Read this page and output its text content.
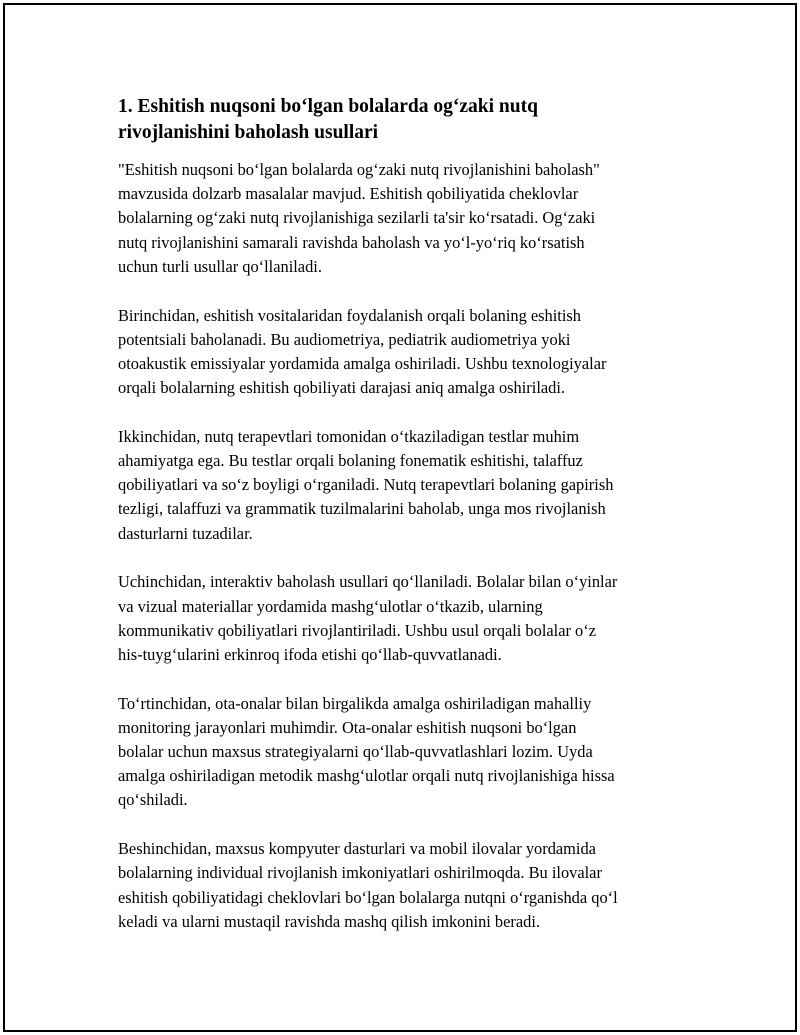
1. Eshitish nuqsoni bo‘lgan bolalarda og‘zaki nutq
rivojlanishini baholash usullari

"Eshitish nuqsoni bo‘lgan bolalarda og‘zaki nutq rivojlanishini baholash"
mavzusida dolzarb masalalar mavjud. Eshitish qobiliyatida cheklovlar
bolalarning og‘zaki nutq rivojlanishiga sezilarli ta'sir ko‘rsatadi. Og‘zaki
nutq rivojlanishini samarali ravishda baholash va yo‘l-yo‘riq ko‘rsatish
uchun turli usullar qo‘llaniladi.

Birinchidan, eshitish vositalaridan foydalanish orqali bolaning eshitish
potentsiali baholanadi. Bu audiometriya, pediatrik audiometriya yoki
otoakustik emissiyalar yordamida amalga oshiriladi. Ushbu texnologiyalar
orqali bolalarning eshitish qobiliyati darajasi aniq amalga oshiriladi.

Ikkinchidan, nutq terapevtlari tomonidan o‘tkaziladigan testlar muhim
ahamiyatga ega. Bu testlar orqali bolaning fonematik eshitishi, talaffuz
qobiliyatlari va so‘z boyligi o‘rganiladi. Nutq terapevtlari bolaning gapirish
tezligi, talaffuzi va grammatik tuzilmalarini baholab, unga mos rivojlanish
dasturlarni tuzadilar.

Uchinchidan, interaktiv baholash usullari qo‘llaniladi. Bolalar bilan o‘yinlar
va vizual materiallar yordamida mashg‘ulotlar o‘tkazib, ularning
kommunikativ qobiliyatlari rivojlantiriladi. Ushbu usul orqali bolalar o‘z
his-tuyg‘ularini erkinroq ifoda etishi qo‘llab-quvvatlanadi.

To‘rtinchidan, ota-onalar bilan birgalikda amalga oshiriladigan mahalliy
monitoring jarayonlari muhimdir. Ota-onalar eshitish nuqsoni bo‘lgan
bolalar uchun maxsus strategiyalarni qo‘llab-quvvatlashlari lozim. Uyda
amalga oshiriladigan metodik mashg‘ulotlar orqali nutq rivojlanishiga hissa
qo‘shiladi.

Beshinchidan, maxsus kompyuter dasturlari va mobil ilovalar yordamida
bolalarning individual rivojlanish imkoniyatlari oshirilmoqda. Bu ilovalar
eshitish qobiliyatidagi cheklovlari bo‘lgan bolalarga nutqni o‘rganishda qo‘l
keladi va ularni mustaqil ravishda mashq qilish imkonini beradi.
